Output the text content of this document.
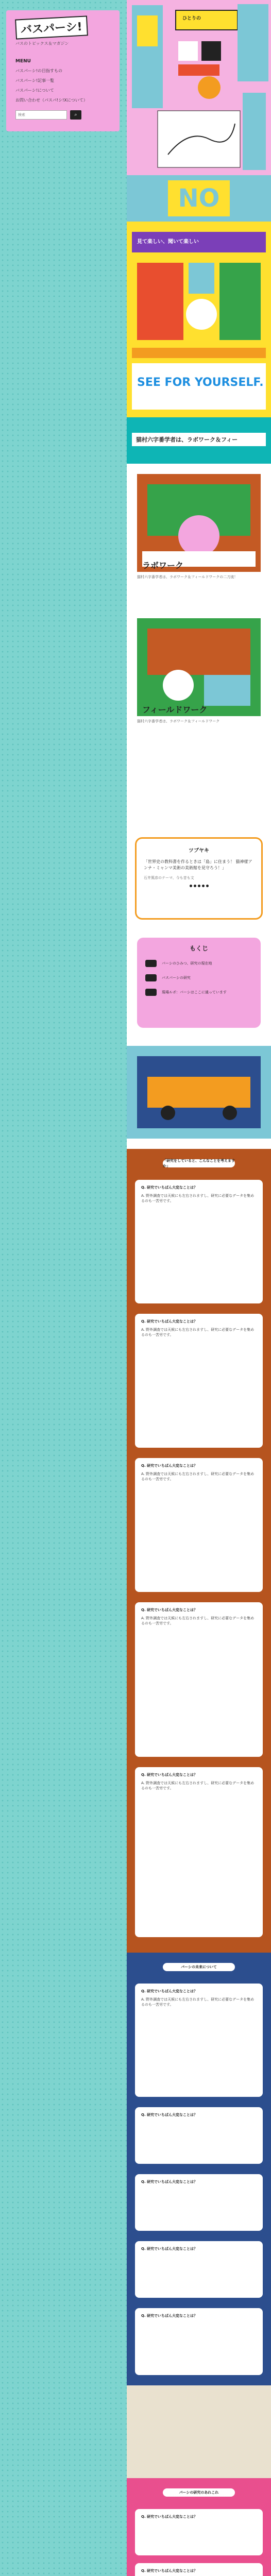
バスパーシ!
バスのトピックス＆マガジン
MENU
バスパーシ!の目指すもの
バスパーシ!記事一覧
バスパーシ!について
お問い合わせ（パスパ!シ!Xについて）
検索
⌕
ひとりの
NO
見て楽しい、聞いて楽しい
SEE FOR YOURSELF.
猫村六字番学者は、ラボワーク＆フィー
ラボワーク
猫村六字番学者は、ラボワーク＆フィールドワークの二刀流！
フィールドワーク
猫村六字番学者は、ラボワーク＆フィールドワーク
ツブヤキ
「世界史の教科書を作るときは「島」に住まう！ 猫神様アンナ・ミャンマ美術の美術館を見守ろう！」
石井篤彦のテーマ、今も昔も文
もくじ
パーシのひみつ、研究の現在地
バスパーシの研究
現場ルポ：パーシはここに通っています
「研究をしていると、こんなことを考えますか」
Q. 研究でいちばん大変なことは？
A. 野外調査では天候にも左右されますし、研究に必要なデータを集めるのも一苦労です。
Q. 研究でいちばん大変なことは？
A. 野外調査では天候にも左右されますし、研究に必要なデータを集めるのも一苦労です。
Q. 研究でいちばん大変なことは？
A. 野外調査では天候にも左右されますし、研究に必要なデータを集めるのも一苦労です。
Q. 研究でいちばん大変なことは？
A. 野外調査では天候にも左右されますし、研究に必要なデータを集めるのも一苦労です。
Q. 研究でいちばん大変なことは？
A. 野外調査では天候にも左右されますし、研究に必要なデータを集めるのも一苦労です。
パーシの未来について
Q. 研究でいちばん大変なことは？
A. 野外調査では天候にも左右されますし、研究に必要なデータを集めるのも一苦労です。
Q. 研究でいちばん大変なことは？
Q. 研究でいちばん大変なことは？
Q. 研究でいちばん大変なことは？
Q. 研究でいちばん大変なことは？
パーシの研究のあれこれ
Q. 研究でいちばん大変なことは？
Q. 研究でいちばん大変なことは？
